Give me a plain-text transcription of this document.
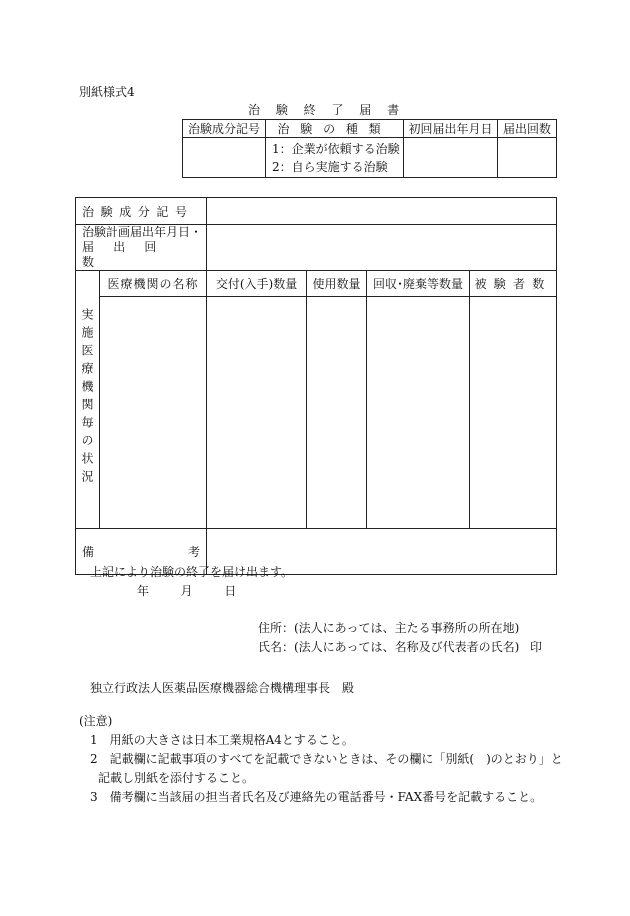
別紙様式4
治 験 終 了 届 書
治験成分記号	治験の種類	初回届出年月日	届出回数

	1：企業が依頼する治験
2：自ら実施する治験		

治験成分記号					

治験計画届出年月日・
届出回数					

実施医療機関毎の状況	医療機関の名称	交付(入手)数量	使用数量	回収･廃棄等数量	被験者数

備 考					

上記により治験の終了を届け出ます。
年	月	日
住所：(法人にあっては、主たる事務所の所在地)
氏名：(法人にあっては、名称及び代表者の氏名) 印
独立行政法人医薬品医療機器総合機構理事長　殿
(注意)
1　用紙の大きさは日本工業規格A4とすること。
2　記載欄に記載事項のすべてを記載できないときは、その欄に「別紙(　)のとおり」と
記載し別紙を添付すること。
3　備考欄に当該届の担当者氏名及び連絡先の電話番号・FAX番号を記載すること。
